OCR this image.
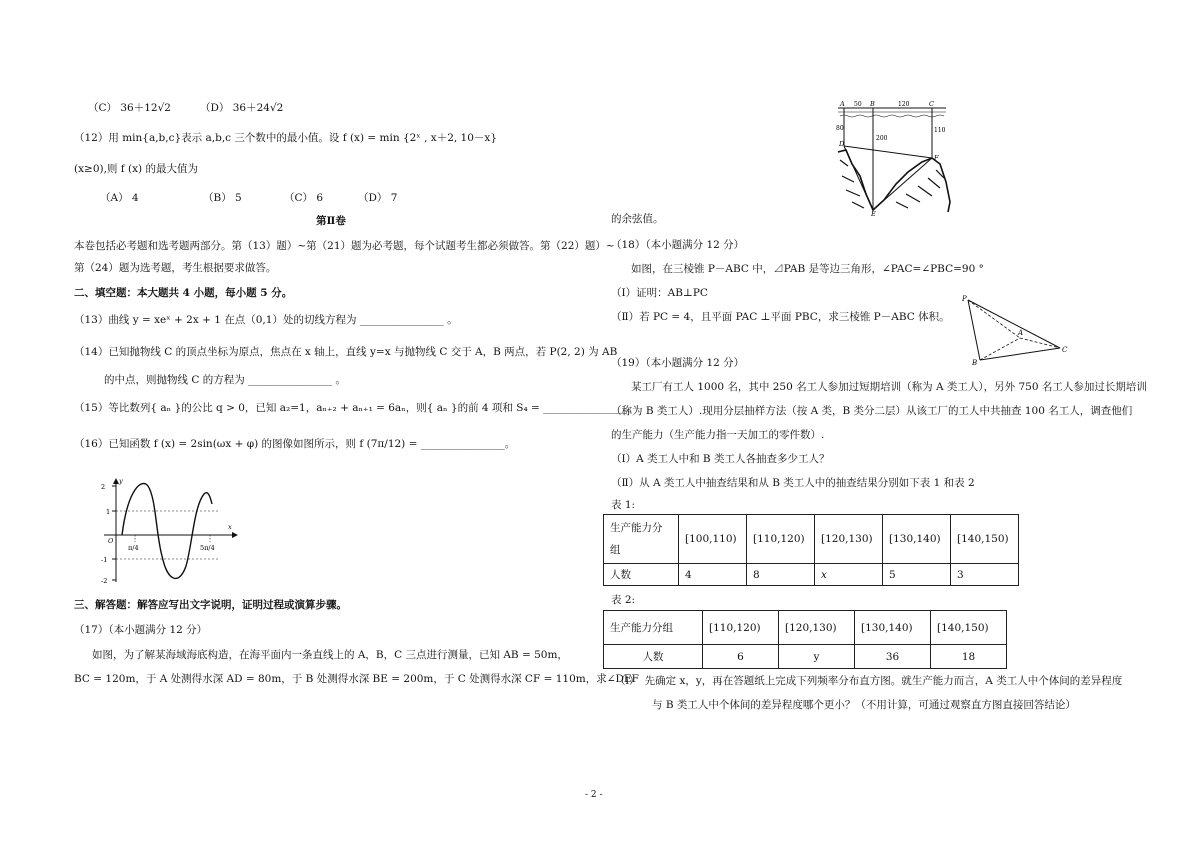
（C） 36＋12√2	（D） 36＋24√2
（12）用 min{a,b,c}表示 a,b,c 三个数中的最小值。设 f (x) = min {2ˣ , x＋2, 10－x}
(x≥0),则 f (x) 的最大值为
（A） 4	（B） 5	（C） 6	（D） 7
第Ⅱ卷
本卷包括必考题和选考题两部分。第（13）题）~第（21）题为必考题，每个试题考生都必须做答。第（22）题）~
第（24）题为选考题，考生根据要求做答。
二、填空题：本大题共 4 小题，每小题 5 分。
（13）曲线 y = xeˣ + 2x + 1 在点（0,1）处的切线方程为 ________________ 。
（14）已知抛物线 C 的顶点坐标为原点，焦点在 x 轴上，直线 y=x 与抛物线 C 交于 A，B 两点，若 P(2, 2) 为 AB
的中点，则抛物线 C 的方程为 ________________ 。
（15）等比数列{ aₙ }的公比 q > 0，已知 a₂=1，aₙ₊₂ + aₙ₊₁ = 6aₙ，则{ aₙ }的前 4 项和 S₄ = ________________。
（16）已知函数 f (x) = 2sin(ωx + φ) 的图像如图所示，则 f (7π/12) = ________________。
2
1
-1
-2
O
π/4	5π/4
x
y
三、解答题：解答应写出文字说明，证明过程或演算步骤。
（17）（本小题满分 12 分）
如图，为了解某海域海底构造，在海平面内一条直线上的 A，B，C 三点进行测量，已知 AB = 50m，
BC = 120m，于 A 处测得水深 AD = 80m，于 B 处测得水深 BE = 200m，于 C 处测得水深 CF = 110m，求∠DEF
A 50 B	120	C
80
200
110
D
F
E
的余弦值。
（18）（本小题满分 12 分）
如图，在三棱锥 P－ABC 中，⊿PAB 是等边三角形，∠PAC=∠PBC=90 °
（Ⅰ）证明：AB⊥PC
（Ⅱ）若 PC = 4，且平面 PAC ⊥平面 PBC，求三棱锥 P－ABC 体积。
P
A
B
C
（19）（本小题满分 12 分）
某工厂有工人 1000 名，其中 250 名工人参加过短期培训（称为 A 类工人），另外 750 名工人参加过长期培训
（称为 B 类工人）.现用分层抽样方法（按 A 类，B 类分二层）从该工厂的工人中共抽查 100 名工人，调查他们
的生产能力（生产能力指一天加工的零件数）.
（Ⅰ）A 类工人中和 B 类工人各抽查多少工人？
（Ⅱ）从 A 类工人中抽查结果和从 B 类工人中的抽查结果分别如下表 1 和表 2
表 1:
生产能力分组	[100,110)	[110,120)	[120,130)	[130,140)	[140,150)
人数	4	8	x	5	3
表 2:
生产能力分组	[110,120)	[120,130)	[130,140)	[140,150)
人数	6	y	36	18
（i）　先确定 x，y，再在答题纸上完成下列频率分布直方图。就生产能力而言，A 类工人中个体间的差异程度
与 B 类工人中个体间的差异程度哪个更小？（不用计算，可通过观察直方图直接回答结论）
- 2 -
